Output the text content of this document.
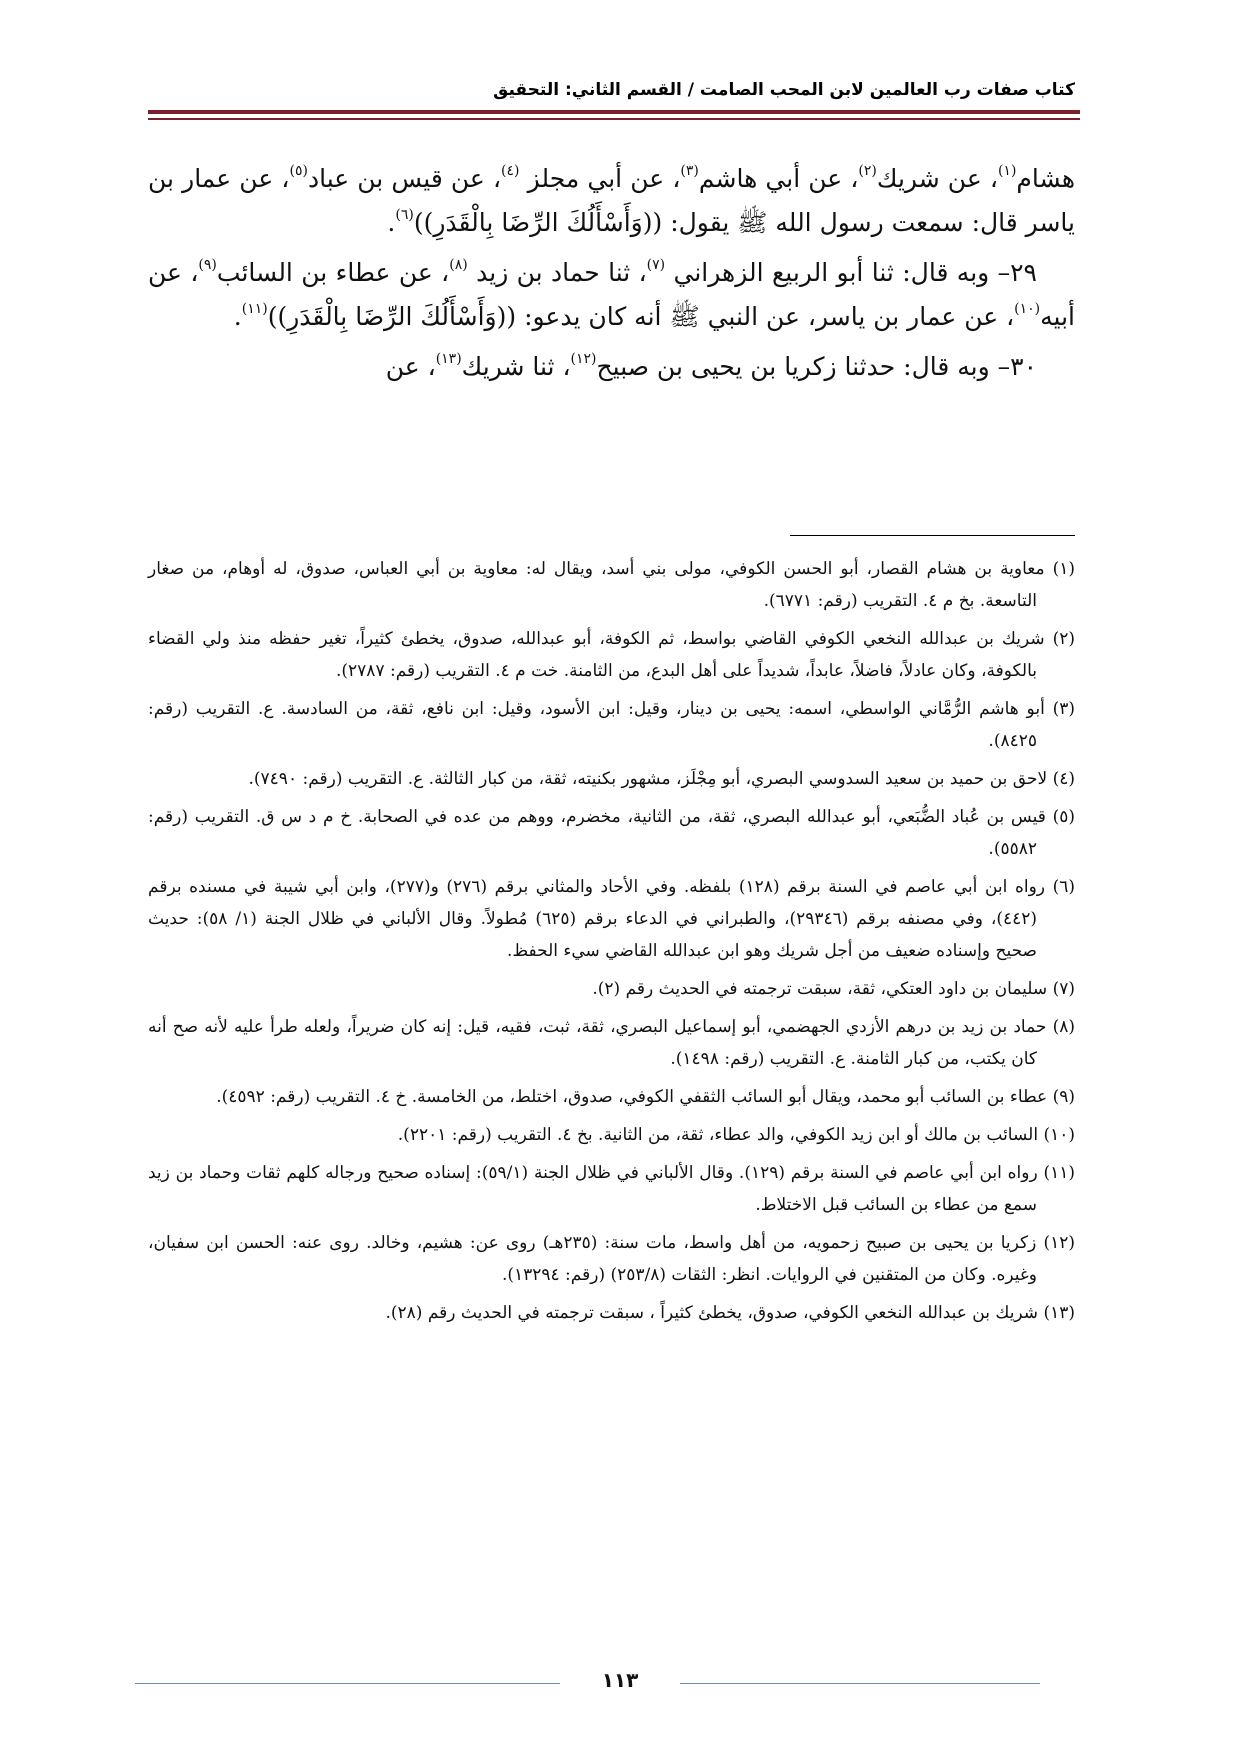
كتاب صفات رب العالمين لابن المحب الصامت / القسم الثاني: التحقيق

هشام$^{(١)}$، عن شريك$^{(٢)}$، عن أبي هاشم$^{(٣)}$، عن أبي مجلز $^{(٤)}$، عن قيس بن عباد$^{(٥)}$، عن عمار بن ياسر قال: سمعت رسول الله ﷺ يقول: ((وَأَسْأَلُكَ الرِّضَا بِالْقَدَرِ))$^{(٦)}$.

٢٩– وبه قال: ثنا أبو الربيع الزهراني $^{(٧)}$، ثنا حماد بن زيد $^{(٨)}$، عن عطاء بن السائب$^{(٩)}$، عن أبيه$^{(١٠)}$، عن عمار بن ياسر، عن النبي ﷺ أنه كان يدعو: ((وَأَسْأَلُكَ الرِّضَا بِالْقَدَرِ))$^{(١١)}$.

٣٠– وبه قال: حدثنا زكريا بن يحيى بن صبيح$^{(١٢)}$، ثنا شريك$^{(١٣)}$، عن

(١) معاوية بن هشام القصار، أبو الحسن الكوفي، مولى بني أسد، ويقال له: معاوية بن أبي العباس، صدوق، له أوهام، من صغار التاسعة. بخ م ٤. التقريب (رقم: ٦٧٧١).

(٢) شريك بن عبدالله النخعي الكوفي القاضي بواسط، ثم الكوفة، أبو عبدالله، صدوق، يخطئ كثيراً، تغير حفظه منذ ولي القضاء بالكوفة، وكان عادلاً، فاضلاً، عابداً، شديداً على أهل البدع، من الثامنة. خت م ٤. التقريب (رقم: ٢٧٨٧).

(٣) أبو هاشم الرُّمَّاني الواسطي، اسمه: يحيى بن دينار، وقيل: ابن الأسود، وقيل: ابن نافع، ثقة، من السادسة. ع. التقريب (رقم: ٨٤٢٥).

(٤) لاحق بن حميد بن سعيد السدوسي البصري، أبو مِجْلَز، مشهور بكنيته، ثقة، من كبار الثالثة. ع. التقريب (رقم: ٧٤٩٠).

(٥) قيس بن عُباد الضُّبَعي، أبو عبدالله البصري، ثقة، من الثانية، مخضرم، ووهم من عده في الصحابة. خ م د س ق. التقريب (رقم: ٥٥٨٢).

(٦) رواه ابن أبي عاصم في السنة برقم (١٢٨) بلفظه. وفي الأحاد والمثاني برقم (٢٧٦) و(٢٧٧)، وابن أبي شيبة في مسنده برقم (٤٤٢)، وفي مصنفه برقم (٢٩٣٤٦)، والطبراني في الدعاء برقم (٦٢٥) مُطولاً. وقال الألباني في ظلال الجنة (١/ ٥٨): حديث صحيح وإسناده ضعيف من أجل شريك وهو ابن عبدالله القاضي سيء الحفظ.

(٧) سليمان بن داود العتكي، ثقة، سبقت ترجمته في الحديث رقم (٢).

(٨) حماد بن زيد بن درهم الأزدي الجهضمي، أبو إسماعيل البصري، ثقة، ثبت، فقيه، قيل: إنه كان ضريراً، ولعله طرأ عليه لأنه صح أنه كان يكتب، من كبار الثامنة. ع. التقريب (رقم: ١٤٩٨).

(٩) عطاء بن السائب أبو محمد، ويقال أبو السائب الثقفي الكوفي، صدوق، اختلط، من الخامسة. خ ٤. التقريب (رقم: ٤٥٩٢).

(١٠) السائب بن مالك أو ابن زيد الكوفي، والد عطاء، ثقة، من الثانية. بخ ٤. التقريب (رقم: ٢٢٠١).

(١١) رواه ابن أبي عاصم في السنة برقم (١٢٩). وقال الألباني في ظلال الجنة (٥٩/١): إسناده صحيح ورجاله كلهم ثقات وحماد بن زيد سمع من عطاء بن السائب قبل الاختلاط.

(١٢) زكريا بن يحيى بن صبيح زحمويه، من أهل واسط، مات سنة: (٢٣٥هـ) روى عن: هشيم، وخالد. روى عنه: الحسن ابن سفيان، وغيره. وكان من المتقنين في الروايات. انظر: الثقات (٢٥٣/٨) (رقم: ١٣٢٩٤).

(١٣) شريك بن عبدالله النخعي الكوفي، صدوق، يخطئ كثيراً ، سبقت ترجمته في الحديث رقم (٢٨).

١١٣
